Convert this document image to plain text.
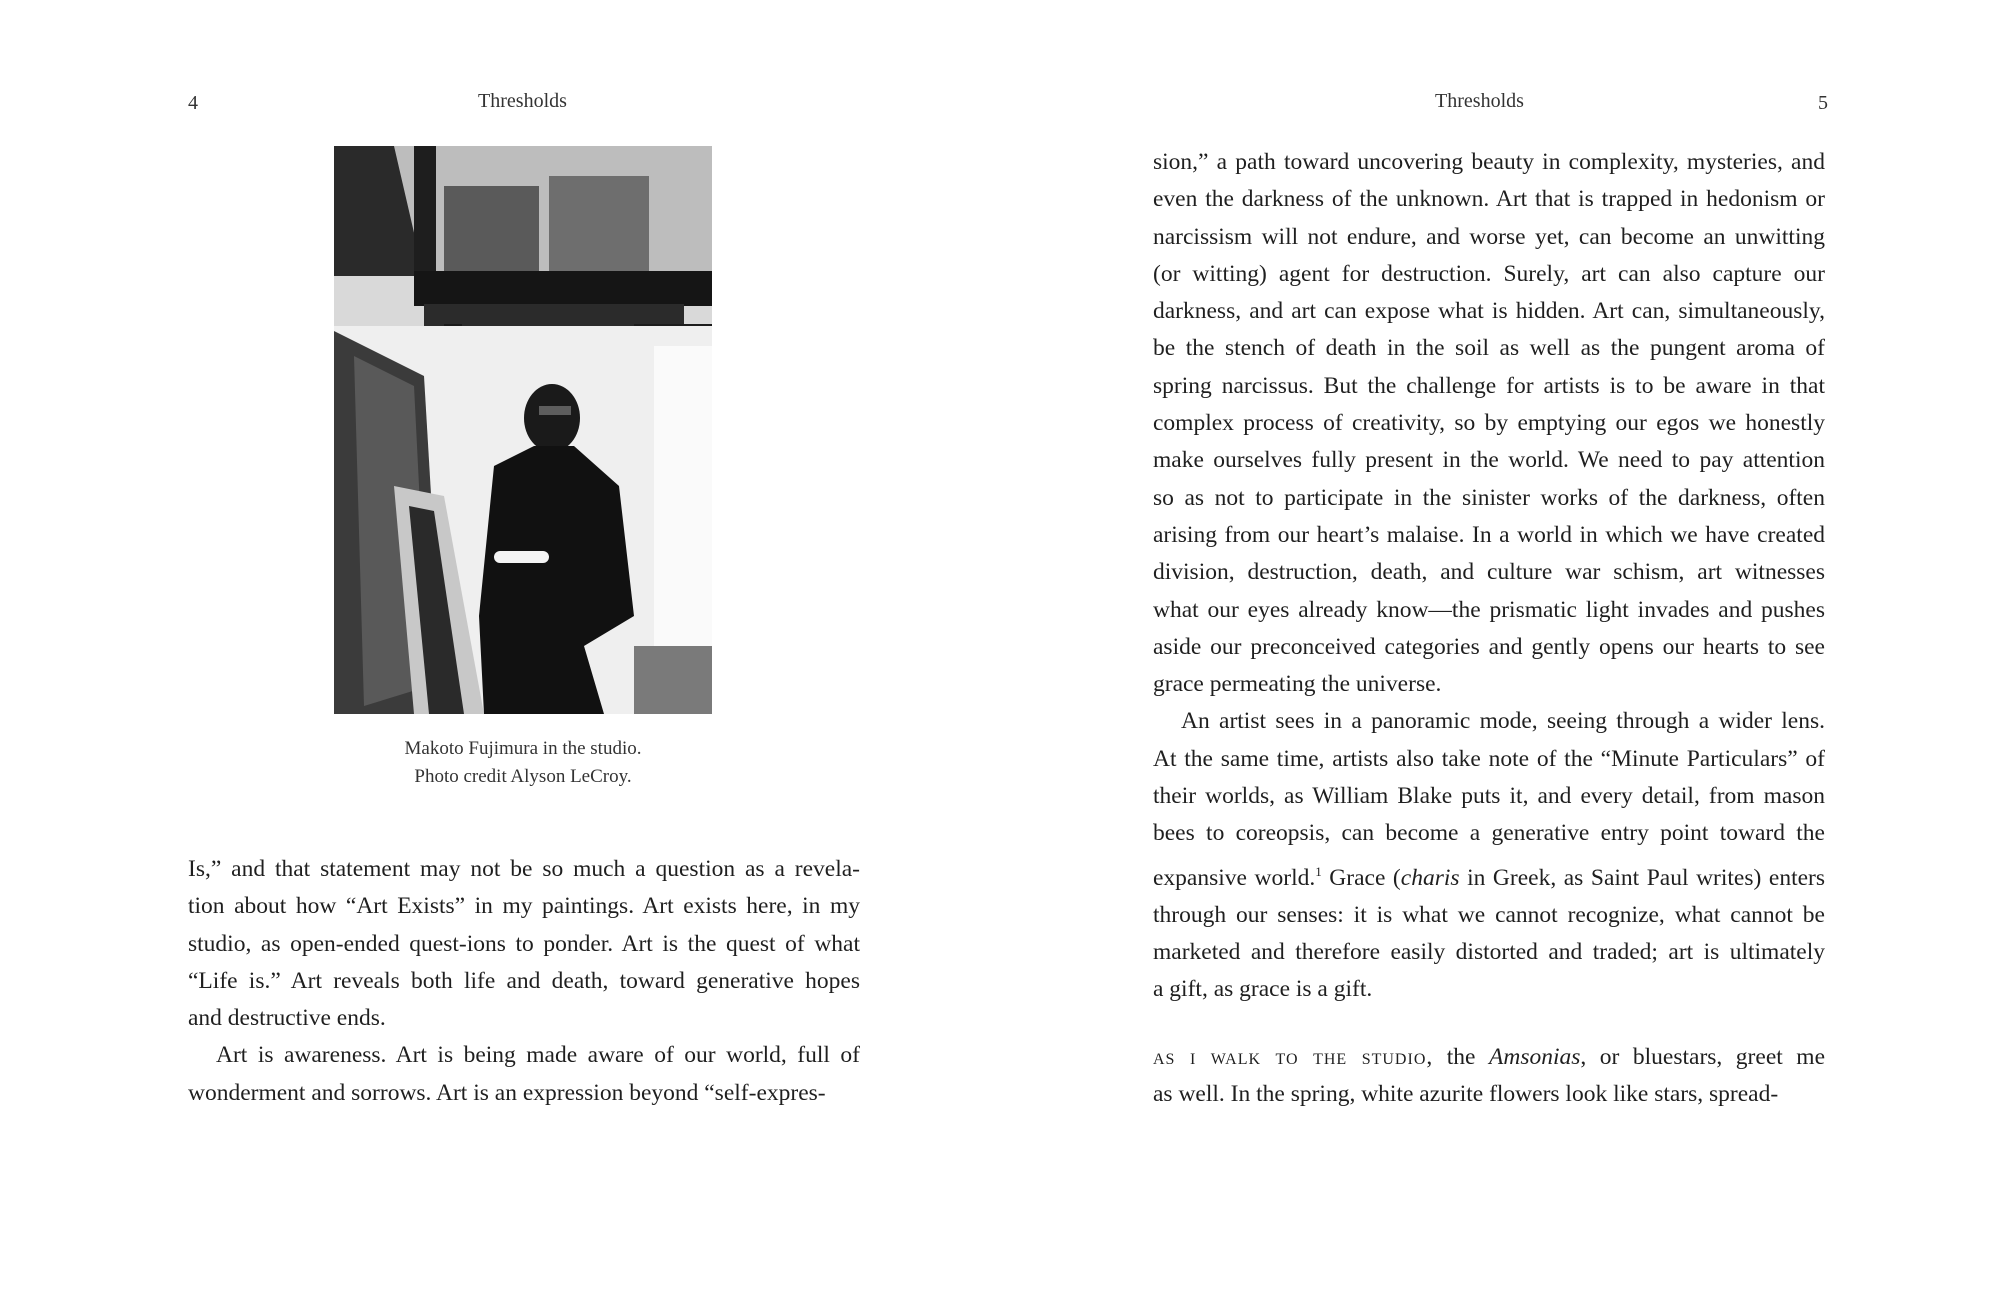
4	Thresholds
Makoto Fujimura in the studio.
Photo credit Alyson LeCroy.
Is,” and that statement may not be so much a question as a revela-
tion about how “Art Exists” in my paintings. Art exists here, in my
studio, as open-ended quest-ions to ponder. Art is the quest of what
“Life is.” Art reveals both life and death, toward generative hopes
and destructive ends.
Art is awareness. Art is being made aware of our world, full of
wonderment and sorrows. Art is an expression beyond “self-expres-
Thresholds	5
sion,” a path toward uncovering beauty in complexity, mysteries, and
even the darkness of the unknown. Art that is trapped in hedonism or
narcissism will not endure, and worse yet, can become an unwitting
(or witting) agent for destruction. Surely, art can also capture our
darkness, and art can expose what is hidden. Art can, simultaneously,
be the stench of death in the soil as well as the pungent aroma of
spring narcissus. But the challenge for artists is to be aware in that
complex process of creativity, so by emptying our egos we honestly
make ourselves fully present in the world. We need to pay attention
so as not to participate in the sinister works of the darkness, often
arising from our heart’s malaise. In a world in which we have created
division, destruction, death, and culture war schism, art witnesses
what our eyes already know—the prismatic light invades and pushes
aside our preconceived categories and gently opens our hearts to see
grace permeating the universe.
An artist sees in a panoramic mode, seeing through a wider lens.
At the same time, artists also take note of the “Minute Particulars” of
their worlds, as William Blake puts it, and every detail, from mason
bees to coreopsis, can become a generative entry point toward the
expansive world.$^1$ Grace (charis in Greek, as Saint Paul writes) enters
through our senses: it is what we cannot recognize, what cannot be
marketed and therefore easily distorted and traded; art is ultimately
a gift, as grace is a gift.
as i walk to the studio, the Amsonias, or bluestars, greet me
as well. In the spring, white azurite flowers look like stars, spread-
